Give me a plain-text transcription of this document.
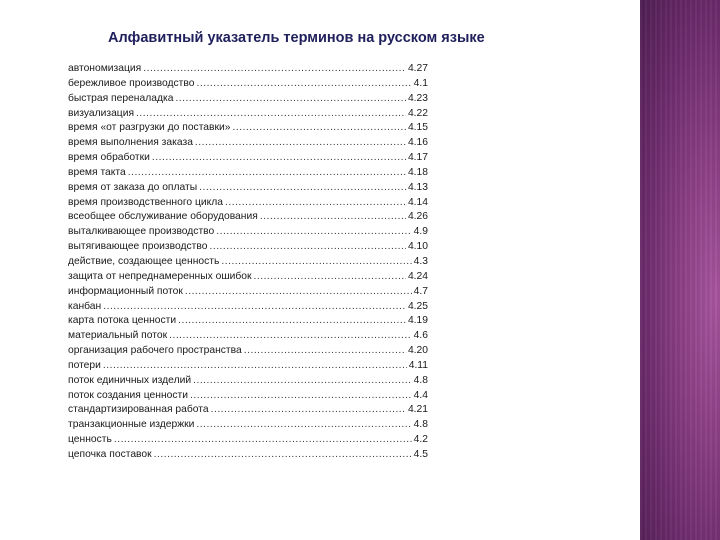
Алфавитный указатель терминов на русском языке
автономизация .....	4.27
бережливое производство .....	4.1
быстрая переналадка .....	4.23
визуализация .....	4.22
время «от разгрузки до поставки» .....	4.15
время выполнения заказа .....	4.16
время обработки .....	4.17
время такта .....	4.18
время от заказа до оплаты .....	4.13
время производственного цикла .....	4.14
всеобщее обслуживание оборудования .....	4.26
выталкивающее производство .....	4.9
вытягивающее производство .....	4.10
действие, создающее ценность .....	4.3
защита от непреднамеренных ошибок .....	4.24
информационный поток .....	4.7
канбан .....	4.25
карта потока ценности .....	4.19
материальный поток .....	4.6
организация рабочего пространства .....	4.20
потери .....	4.11
поток единичных изделий .....	4.8
поток создания ценности .....	4.4
стандартизированная работа .....	4.21
транзакционные издержки .....	4.8
ценность .....	4.2
цепочка поставок .....	4.5
